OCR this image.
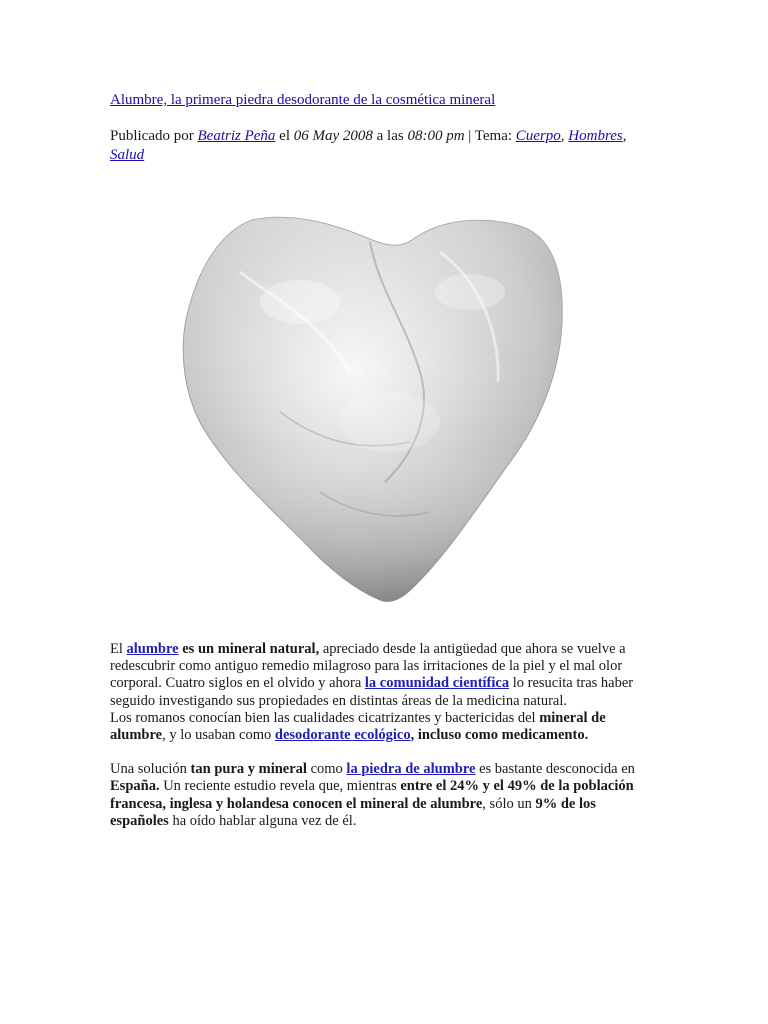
Alumbre, la primera piedra desodorante de la cosmética mineral

Publicado por Beatriz Peña el 06 May 2008 a las 08:00 pm | Tema: Cuerpo, Hombres, Salud

El alumbre es un mineral natural, apreciado desde la antigüedad que ahora se vuelve a redescubrir como antiguo remedio milagroso para las irritaciones de la piel y el mal olor corporal. Cuatro siglos en el olvido y ahora la comunidad científica lo resucita tras haber seguido investigando sus propiedades en distintas áreas de la medicina natural.

Los romanos conocían bien las cualidades cicatrizantes y bactericidas del mineral de alumbre, y lo usaban como desodorante ecológico, incluso como medicamento.

Una solución tan pura y mineral como la piedra de alumbre es bastante desconocida en España. Un reciente estudio revela que, mientras entre el 24% y el 49% de la población francesa, inglesa y holandesa conocen el mineral de alumbre, sólo un 9% de los españoles ha oído hablar alguna vez de él.
